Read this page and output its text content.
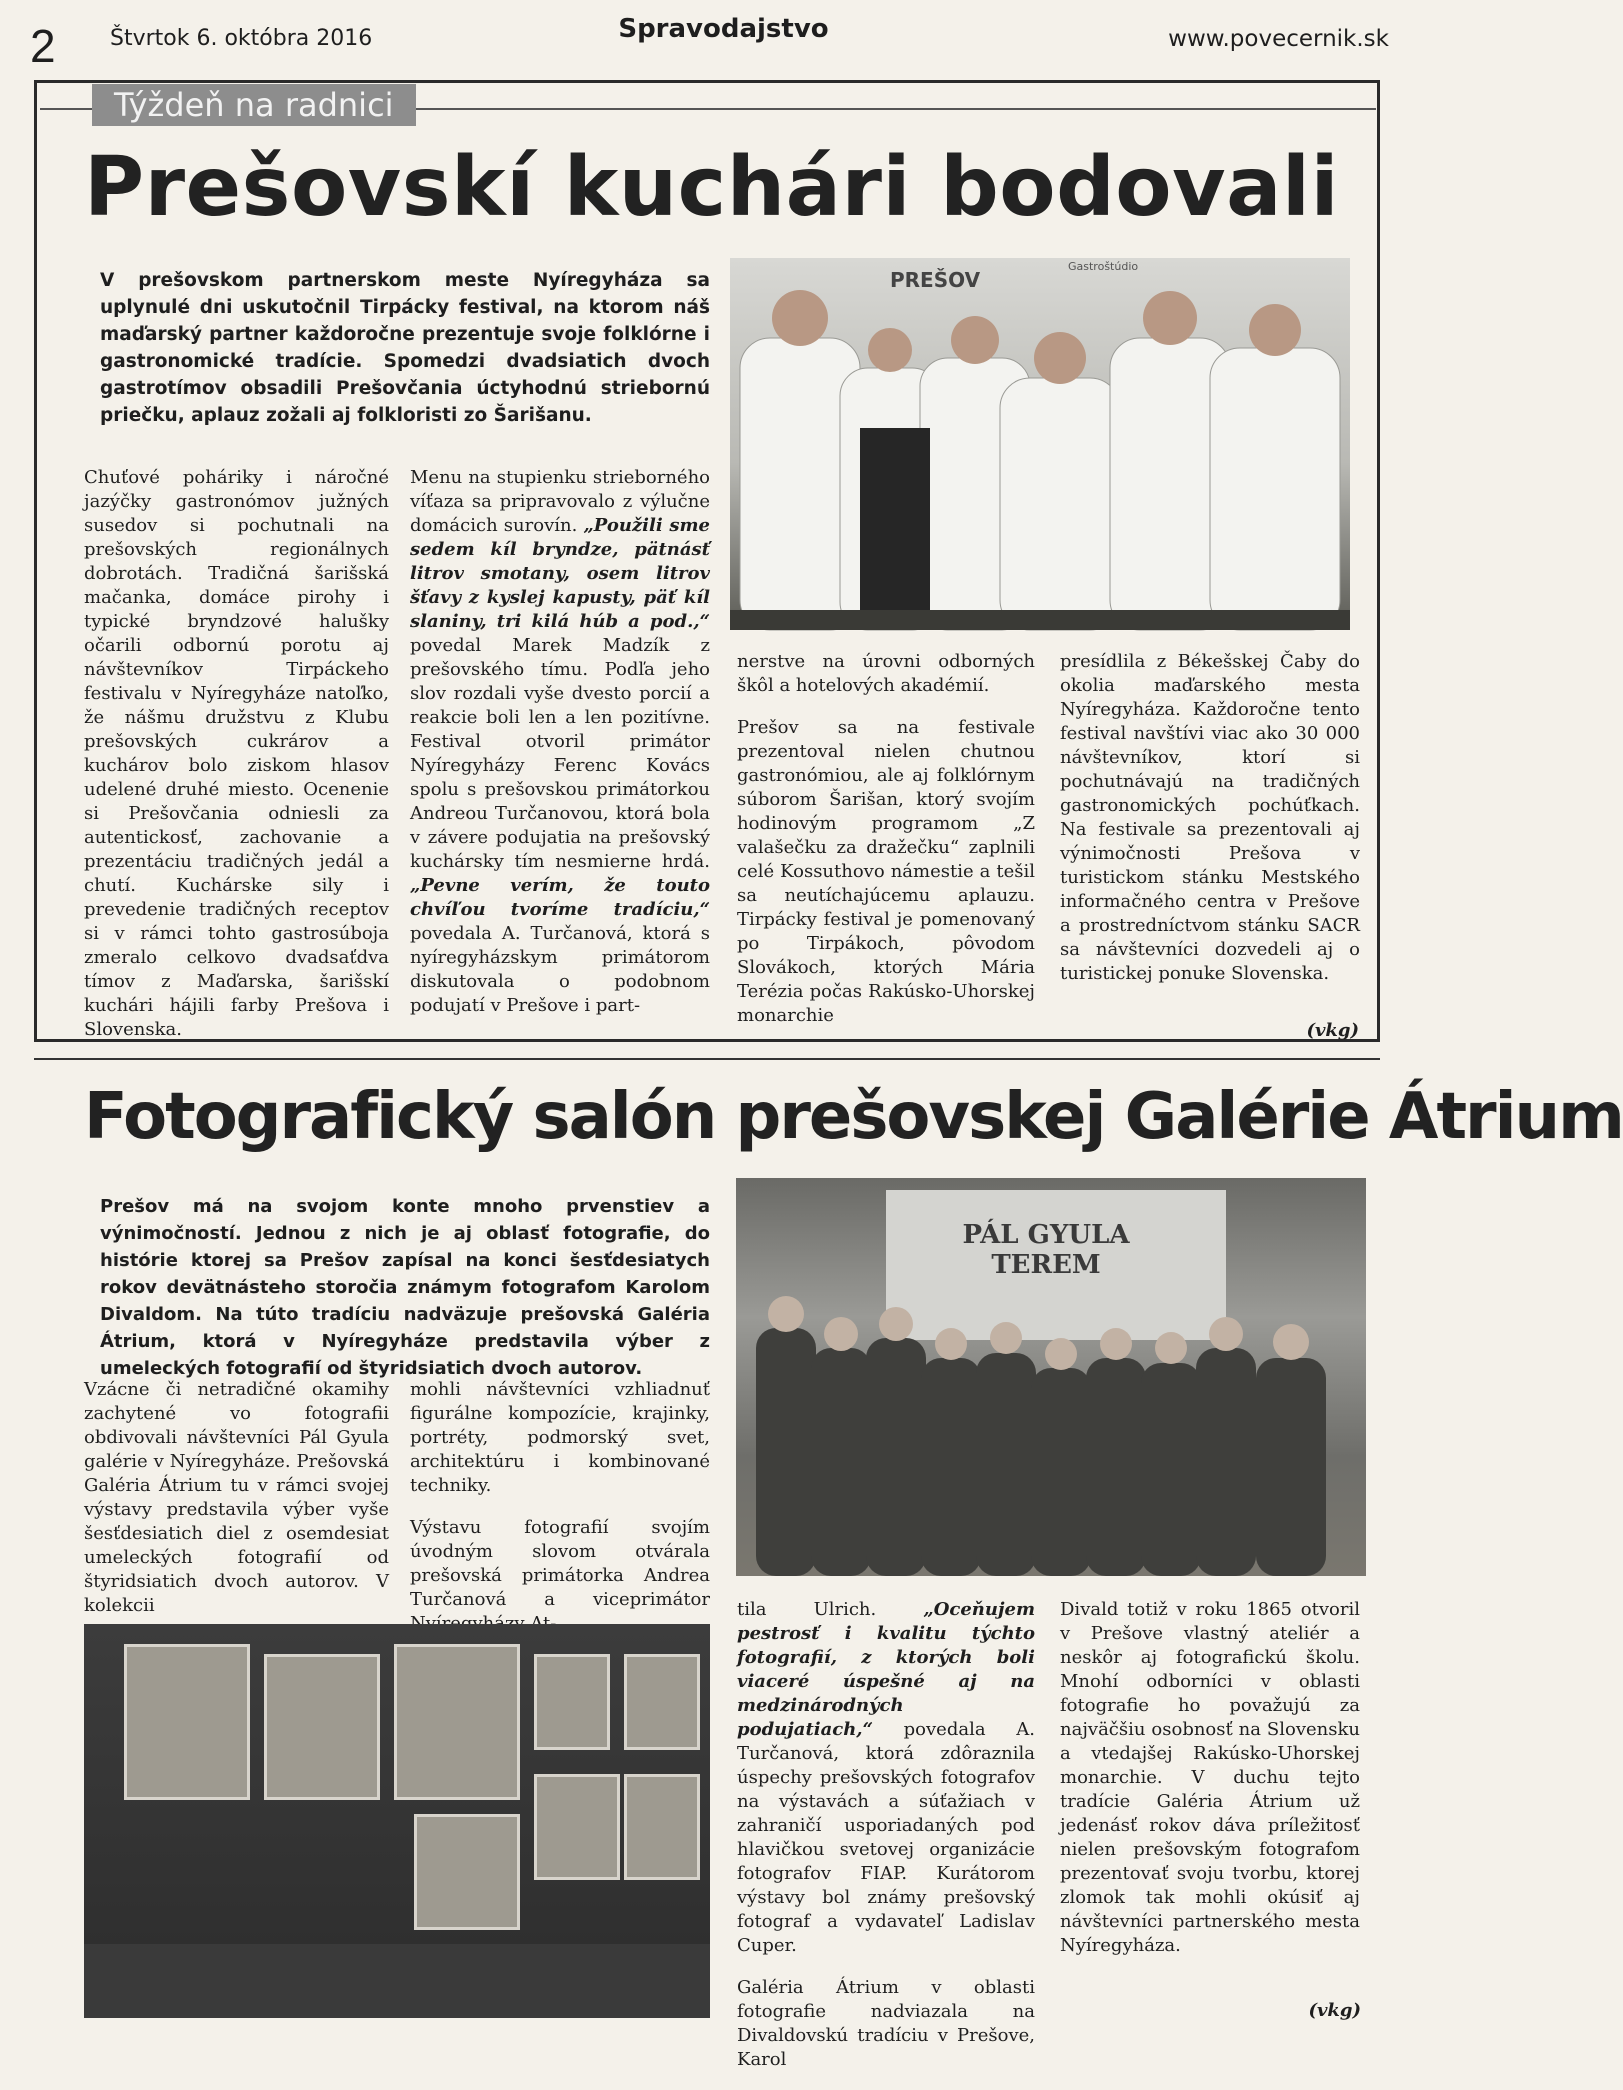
2 Štvrtok 6. októbra 2016	Spravodajstvo	www.povecernik.sk
Týždeň na radnici
Prešovskí kuchári bodovali
V prešovskom partnerskom meste Nyíregyháza sa uplynulé dni uskutočnil Tirpácky festival, na ktorom náš maďarský partner každoročne prezentuje svoje folklórne i gastronomické tradície. Spomedzi dvadsiatich dvoch gastrotímov obsadili Prešovčania úctyhodnú striebornú priečku, aplauz zožali aj folkloristi zo Šarišanu.
PREŠOV
Gastroštúdio

Chuťové poháriky i náročné jazýčky gastronómov južných susedov si pochutnali na prešovských regionálnych dobrotách. Tradičná šarišská mačanka, domáce pirohy i typické bryndzové halušky očarili odbornú porotu aj návštevníkov Tirpáckeho festivalu v Nyíregyháze natoľko, že nášmu družstvu z Klubu prešovských cukrárov a kuchárov bolo ziskom hlasov udelené druhé miesto. Ocenenie si Prešovčania odniesli za autentickosť, zachovanie a prezentáciu tradičných jedál a chutí. Kuchárske sily i prevedenie tradičných receptov si v rámci tohto gastrosúboja zmeralo celkovo dvadsaťdva tímov z Maďarska, šarišskí kuchári hájili farby Prešova i Slovenska.

Menu na stupienku strieborného víťaza sa pripravovalo z výlučne domácich surovín. „Použili sme sedem kíl bryndze, pätnásť litrov smotany, osem litrov šťavy z kyslej kapusty, päť kíl slaniny, tri kilá húb a pod.,“ povedal Marek Madzík z prešovského tímu. Podľa jeho slov rozdali vyše dvesto porcií a reakcie boli len a len pozitívne. Festival otvoril primátor Nyíregyházy Ferenc Kovács spolu s prešovskou primátorkou Andreou Turčanovou, ktorá bola v závere podujatia na prešovský kuchársky tím nesmierne hrdá. „Pevne verím, že touto chvíľou tvoríme tradíciu,“ povedala A. Turčanová, ktorá s nyíregyházskym primátorom diskutovala o podobnom podujatí v Prešove i part-

nerstve na úrovni odborných škôl a hotelových akadémií.

Prešov sa na festivale prezentoval nielen chutnou gastronómiou, ale aj folklórnym súborom Šarišan, ktorý svojím hodinovým programom „Z valašečku za dražečku“ zaplnili celé Kossuthovo námestie a tešil sa neutíchajúcemu aplauzu. Tirpácky festival je pomenovaný po Tirpákoch, pôvodom Slovákoch, ktorých Mária Terézia počas Rakúsko-Uhorskej monarchie

presídlila z Békešskej Čaby do okolia maďarského mesta Nyíregyháza. Každoročne tento festival navštívi viac ako 30 000 návštevníkov, ktorí si pochutnávajú na tradičných gastronomických pochúťkach. Na festivale sa prezentovali aj výnimočnosti Prešova v turistickom stánku Mestského informačného centra v Prešove a prostredníctvom stánku SACR sa návštevníci dozvedeli aj o turistickej ponuke Slovenska.

(vkg)
Fotografický salón prešovskej Galérie Átrium
Prešov má na svojom konte mnoho prvenstiev a výnimočností. Jednou z nich je aj oblasť fotografie, do histórie ktorej sa Prešov zapísal na konci šesťdesiatych rokov devätnásteho storočia známym fotografom Karolom Divaldom. Na túto tradíciu nadväzuje prešovská Galéria Átrium, ktorá v Nyíregyháze predstavila výber z umeleckých fotografií od štyridsiatich dvoch autorov.
PÁL GYULA
TEREM

Vzácne či netradičné okamihy zachytené vo fotografii obdivovali návštevníci Pál Gyula galérie v Nyíregyháze. Prešovská Galéria Átrium tu v rámci svojej výstavy predstavila výber vyše šesťdesiatich diel z osemdesiat umeleckých fotografií od štyridsiatich dvoch autorov. V kolekcii

mohli návštevníci vzhliadnuť figurálne kompozície, krajinky, portréty, podmorský svet, architektúru i kombinované techniky.

Výstavu fotografií svojím úvodným slovom otvárala prešovská primátorka Andrea Turčanová a viceprimátor tila Ulrich.	„Oceňujem pestrosť i kvalitu týchto fotografií, z ktorých boli viaceré úspešné aj na medzinárodných podujatiach,“ povedala A. Turčanová, ktorá zdôraznila úspechy prešovských fotografov na výstavách a súťažiach v zahraničí usporiadaných pod hlavičkou svetovej organizácie fotografov FIAP. Kurátorom výstavy bol známy prešovský fotograf a vydavateľ Ladislav Cuper.

Galéria Átrium v oblasti fotografie nadviazala na Divaldovskú tradíciu v Prešove, Karol

Divald totiž v roku 1865 otvoril v Prešove vlastný ateliér a neskôr aj fotografickú školu. Mnohí odborníci v oblasti fotografie ho považujú za najväčšiu osobnosť na Slovensku a vtedajšej Rakúsko-Uhorskej monarchie. V duchu tejto tradície Galéria Átrium už jedenásť rokov dáva príležitosť nielen prešovským fotografom prezentovať svoju tvorbu, ktorej zlomok tak mohli okúsiť aj návštevníci partnerského mesta Nyíregyháza.

(vkg)
